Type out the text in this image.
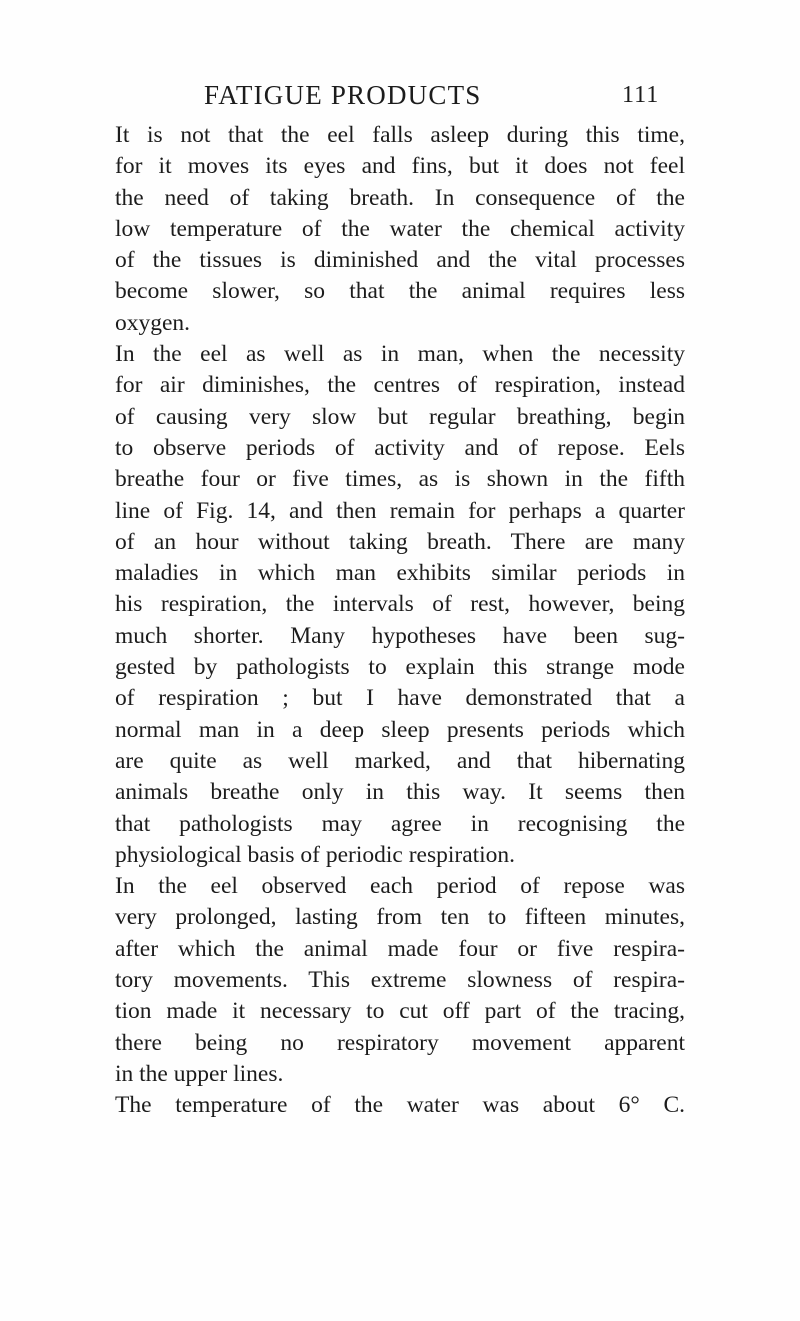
FATIGUE PRODUCTS	111
It is not that the eel falls asleep during this time,
for it moves its eyes and fins, but it does not feel
the need of taking breath. In consequence of the
low temperature of the water the chemical activity
of the tissues is diminished and the vital processes
become slower, so that the animal requires less
oxygen.
In the eel as well as in man, when the necessity
for air diminishes, the centres of respiration, instead
of causing very slow but regular breathing, begin
to observe periods of activity and of repose. Eels
breathe four or five times, as is shown in the fifth
line of Fig. 14, and then remain for perhaps a quarter
of an hour without taking breath. There are many
maladies in which man exhibits similar periods in
his respiration, the intervals of rest, however, being
much shorter. Many hypotheses have been sug-
gested by pathologists to explain this strange mode
of respiration ; but I have demonstrated that a
normal man in a deep sleep presents periods which
are quite as well marked, and that hibernating
animals breathe only in this way. It seems then
that pathologists may agree in recognising the
physiological basis of periodic respiration.
In the eel observed each period of repose was
very prolonged, lasting from ten to fifteen minutes,
after which the animal made four or five respira-
tory movements. This extreme slowness of respira-
tion made it necessary to cut off part of the tracing,
there being no respiratory movement apparent
in the upper lines.
The temperature of the water was about 6° C.
